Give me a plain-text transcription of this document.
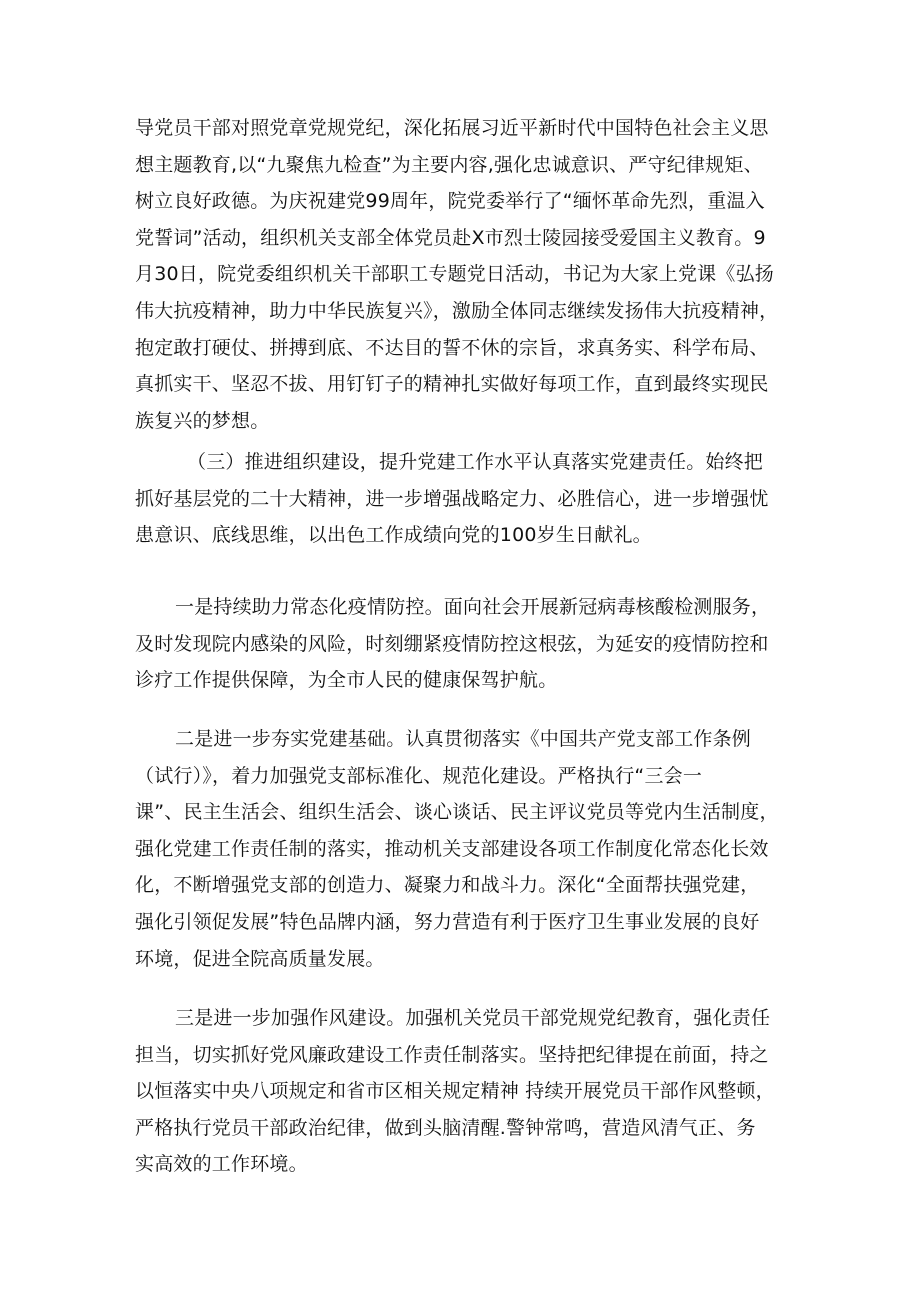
导党员干部对照党章党规党纪，深化拓展习近平新时代中国特色社会主义思
想主题教育,以“九聚焦九检查”为主要内容,强化忠诚意识、严守纪律规矩、
树立良好政德。为庆祝建党99周年，院党委举行了“缅怀革命先烈，重温入
党誓词”活动，组织机关支部全体党员赴X市烈士陵园接受爱国主义教育。9
月30日，院党委组织机关干部职工专题党日活动，书记为大家上党课《弘扬
伟大抗疫精神，助力中华民族复兴》，激励全体同志继续发扬伟大抗疫精神，
抱定敢打硬仗、拼搏到底、不达目的誓不休的宗旨，求真务实、科学布局、
真抓实干、坚忍不拔、用钉钉子的精神扎实做好每项工作，直到最终实现民
族复兴的梦想。
（三）推进组织建设，提升党建工作水平认真落实党建责任。始终把
抓好基层党的二十大精神，进一步增强战略定力、必胜信心，进一步增强忧
患意识、底线思维，以出色工作成绩向党的100岁生日献礼。
一是持续助力常态化疫情防控。面向社会开展新冠病毒核酸检测服务，
及时发现院内感染的风险，时刻绷紧疫情防控这根弦，为延安的疫情防控和
诊疗工作提供保障，为全市人民的健康保驾护航。
二是进一步夯实党建基础。认真贯彻落实《中国共产党支部工作条例
（试行）》，着力加强党支部标准化、规范化建设。严格执行“三会一
课”、民主生活会、组织生活会、谈心谈话、民主评议党员等党内生活制度，
强化党建工作责任制的落实，推动机关支部建设各项工作制度化常态化长效
化，不断增强党支部的创造力、凝聚力和战斗力。深化“全面帮扶强党建，
强化引领促发展”特色品牌内涵，努力营造有利于医疗卫生事业发展的良好
环境，促进全院高质量发展。
三是进一步加强作风建设。加强机关党员干部党规党纪教育，强化责任
担当，切实抓好党风廉政建设工作责任制落实。坚持把纪律提在前面，持之
以恒落实中央八项规定和省市区相关规定精神 持续开展党员干部作风整顿，
严格执行党员干部政治纪律，做到头脑清醒.警钟常鸣，营造风清气正、务
实高效的工作环境。
